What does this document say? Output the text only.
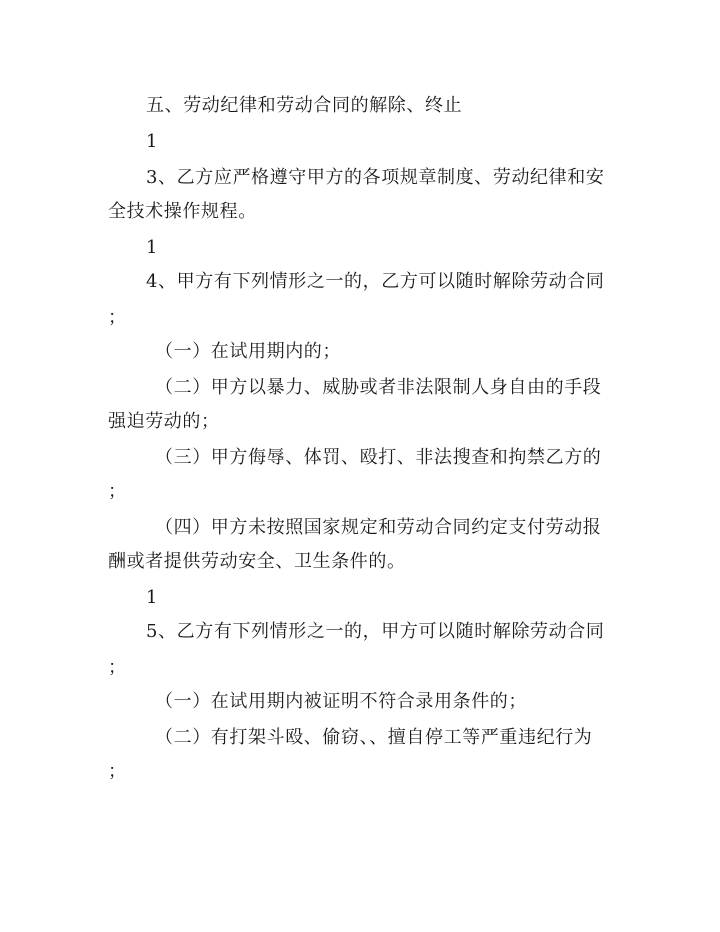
五、劳动纪律和劳动合同的解除、终止
1
3、乙方应严格遵守甲方的各项规章制度、劳动纪律和安
全技术操作规程。
1
4、甲方有下列情形之一的，乙方可以随时解除劳动合同
；
（一）在试用期内的；
（二）甲方以暴力、威胁或者非法限制人身自由的手段
强迫劳动的；
（三）甲方侮辱、体罚、殴打、非法搜查和拘禁乙方的
；
（四）甲方未按照国家规定和劳动合同约定支付劳动报
酬或者提供劳动安全、卫生条件的。
1
5、乙方有下列情形之一的，甲方可以随时解除劳动合同
；
（一）在试用期内被证明不符合录用条件的；
（二）有打架斗殴、偷窃、、擅自停工等严重违纪行为
；
